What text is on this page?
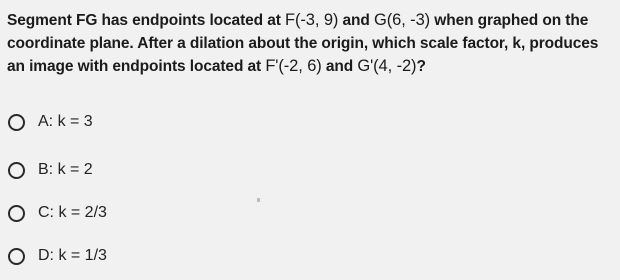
Segment FG has endpoints located at F(-3, 9) and G(6, -3) when graphed on the
coordinate plane. After a dilation about the origin, which scale factor, k, produces
an image with endpoints located at F'(-2, 6) and G'(4, -2)?
A: k = 3
B: k = 2
C: k = 2/3
D: k = 1/3
